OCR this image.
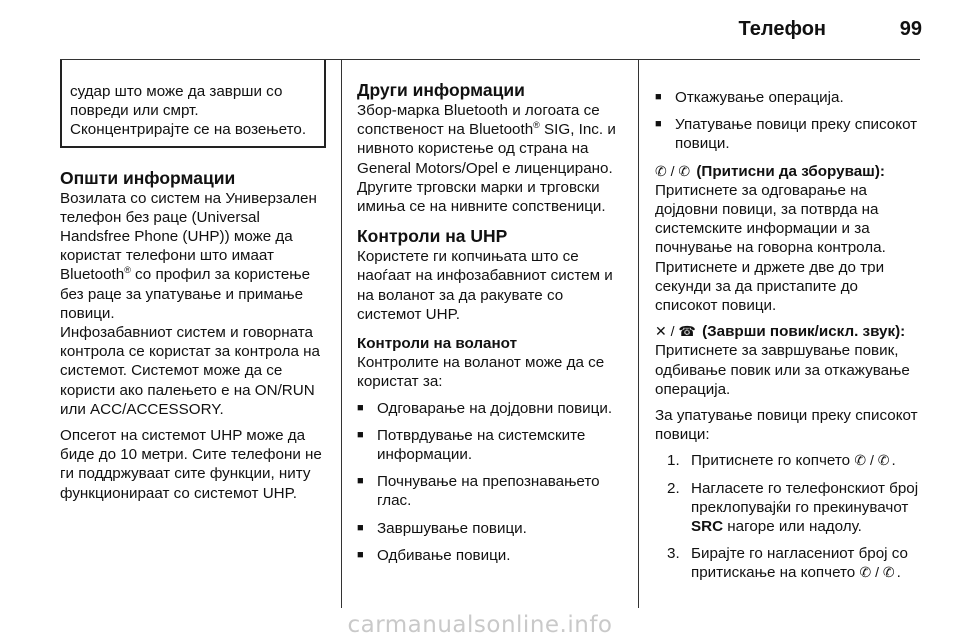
Телефон	99

судар што може да заврши со повреди или смрт. Сконцентрирајте се на возењето.

Општи информации

Возилата со систем на Универзален телефон без раце (Universal Handsfree Phone (UHP)) може да користат телефони што имаат Bluetooth® со профил за користење без раце за упатување и примање повици.

Инфозабавниот систем и говорната контрола се користат за контрола на системот. Системот може да се користи ако палењето е на ON/RUN или ACC/ACCESSORY.

Опсегот на системот UHP може да биде до 10 метри. Сите телефони не ги поддржуваат сите функции, ниту функционираат со системот UHP.

Други информации

Збор-марка Bluetooth и логоата се сопственост на Bluetooth® SIG, Inc. и нивното користење од страна на General Motors/Opel е лиценцирано. Другите трговски марки и трговски имиња се на нивните сопственици.

Контроли на UHP

Користете ги копчињата што се наоѓаат на инфозабавниот систем и на воланот за да ракувате со системот UHP.

Контроли на воланот

Контролите на воланот може да се користат за:

■ Одговарање на дојдовни повици.
■ Потврдување на системските информации.
■ Почнување на препознавањето глас.
■ Завршување повици.
■ Одбивање повици.
■ Откажување операција.
■ Упатување повици преку списокот повици.
✆ / ✆ (Притисни да зборуваш):

Притиснете за одговарање на дојдовни повици, за потврда на системските информации и за почнување на говорна контрола.

Притиснете и држете две до три секунди за да пристапите до списокот повици.

✕ / ☎ (Заврши повик/искл. звук):

Притиснете за завршување повик, одбивање повик или за откажување операција.

За упатување повици преку списокот повици:

1. Притиснете го копчето ✆ / ✆ .
2. Нагласете го телефонскиот број преклопувајќи го прекинувачот SRC нагоре или надолу.
3. Бирајте го нагласениот број со притискање на копчето ✆ / ✆ .
carmanualsonline.info
